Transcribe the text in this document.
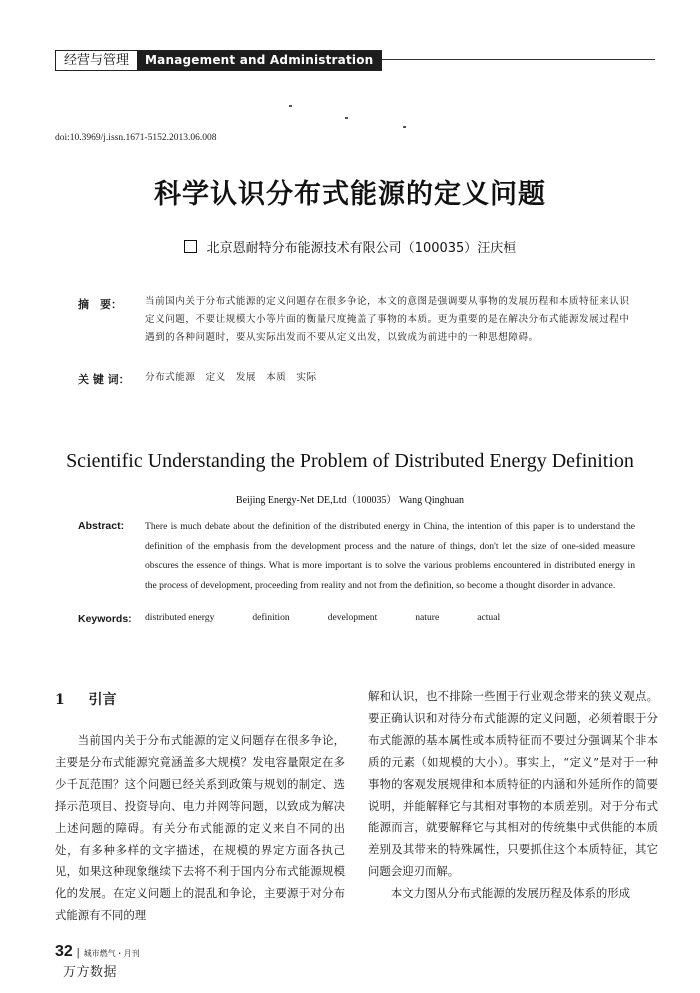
经营与管理	Management and Administration
doi:10.3969/j.issn.1671-5152.2013.06.008
科学认识分布式能源的定义问题
北京恩耐特分布能源技术有限公司（100035）汪庆桓
摘　要： 当前国内关于分布式能源的定义问题存在很多争论，本文的意图是强调要从事物的发展历程和本质特征来认识定义问题，不要让规模大小等片面的衡量尺度掩盖了事物的本质。更为重要的是在解决分布式能源发展过程中遇到的各种问题时，要从实际出发而不要从定义出发，以致成为前进中的一种思想障碍。
关 键 词： 分布式能源　定义　发展　本质　实际
Scientific Understanding the Problem of Distributed Energy Definition
Beijing Energy-Net DE,Ltd（100035） Wang Qinghuan
Abstract: There is much debate about the definition of the distributed energy in China, the intention of this paper is to understand the definition of the emphasis from the development process and the nature of things, don't let the size of one-sided measure obscures the essence of things. What is more important is to solve the various problems encountered in distributed energy in the process of development, proceeding from reality and not from the definition, so become a thought disorder in advance.
Keywords: distributed energy	definition	development	nature	actual
1 引言

当前国内关于分布式能源的定义问题存在很多争论，主要是分布式能源究竟涵盖多大规模？发电容量限定在多少千瓦范围？这个问题已经关系到政策与规划的制定、选择示范项目、投资导向、电力并网等问题，以致成为解决上述问题的障碍。有关分布式能源的定义来自不同的出处，有多种多样的文字描述，在规模的界定方面各执己见，如果这种现象继续下去将不利于国内分布式能源规模化的发展。在定义问题上的混乱和争论，主要源于对分布式能源有不同的理

解和认识，也不排除一些囿于行业观念带来的狭义观点。要正确认识和对待分布式能源的定义问题，必须着眼于分布式能源的基本属性或本质特征而不要过分强调某个非本质的元素（如规模的大小）。事实上，“定义”是对于一种事物的客观发展规律和本质特征的内涵和外延所作的简要说明，并能解释它与其相对事物的本质差别。对于分布式能源而言，就要解释它与其相对的传统集中式供能的本质差别及其带来的特殊属性，只要抓住这个本质特征，其它问题会迎刃而解。

本文力图从分布式能源的发展历程及体系的形成

32 | 城市燃气・月刊
万方数据
